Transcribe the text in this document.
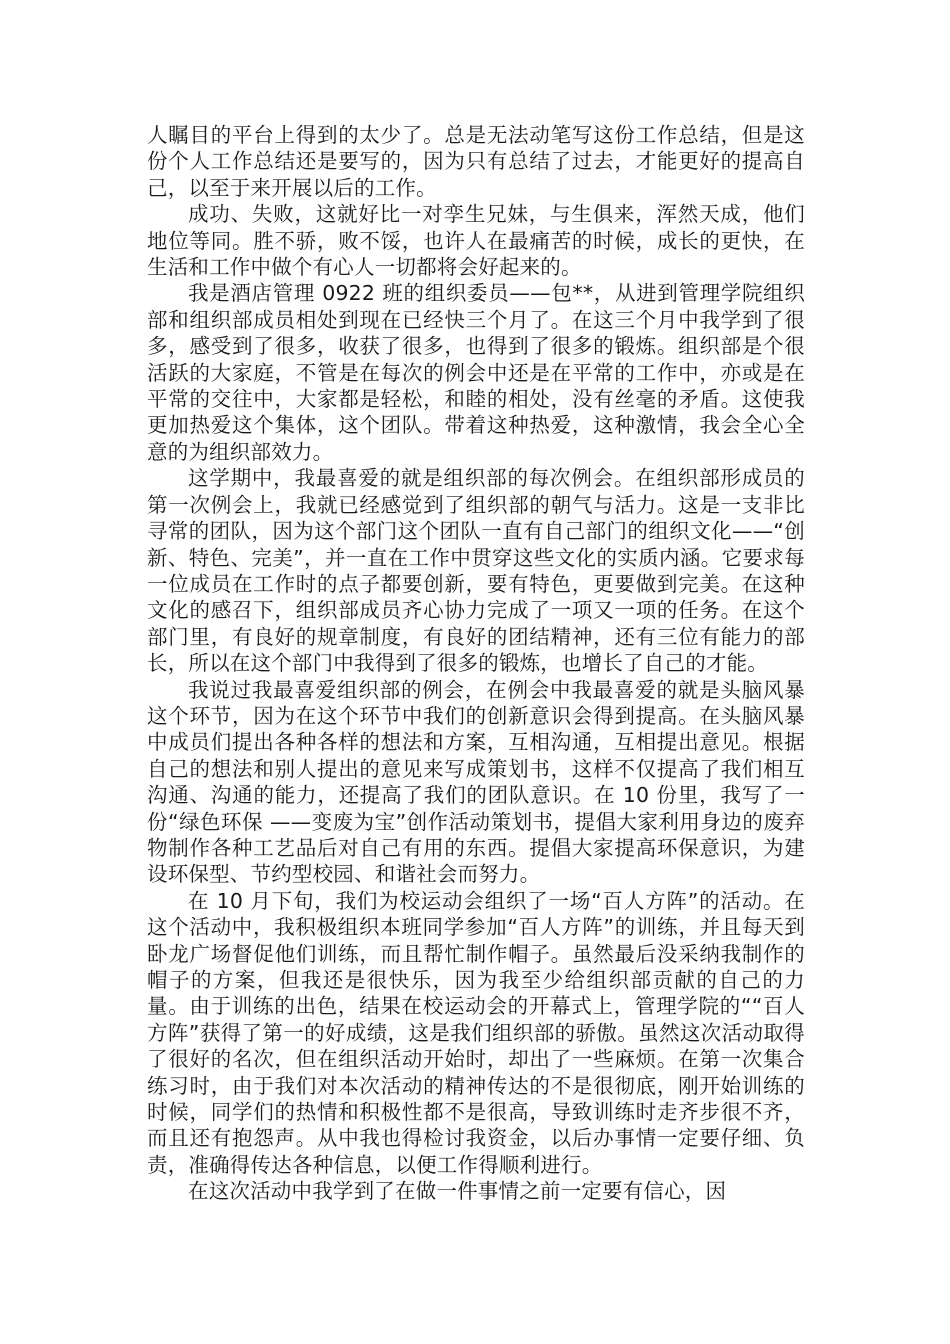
人瞩目的平台上得到的太少了。总是无法动笔写这份工作总结，但是这份个人工作总结还是要写的，因为只有总结了过去，才能更好的提高自己，以至于来开展以后的工作。

成功、失败，这就好比一对孪生兄妹，与生俱来，浑然天成，他们地位等同。胜不骄，败不馁，也许人在最痛苦的时候，成长的更快，在生活和工作中做个有心人一切都将会好起来的。

我是酒店管理 0922 班的组织委员——包**，从进到管理学院组织部和组织部成员相处到现在已经快三个月了。在这三个月中我学到了很多，感受到了很多，收获了很多，也得到了很多的锻炼。组织部是个很活跃的大家庭，不管是在每次的例会中还是在平常的工作中，亦或是在平常的交往中，大家都是轻松，和睦的相处，没有丝毫的矛盾。这使我更加热爱这个集体，这个团队。带着这种热爱，这种激情，我会全心全意的为组织部效力。

这学期中，我最喜爱的就是组织部的每次例会。在组织部形成员的第一次例会上，我就已经感觉到了组织部的朝气与活力。这是一支非比寻常的团队，因为这个部门这个团队一直有自己部门的组织文化——“创新、特色、完美”，并一直在工作中贯穿这些文化的实质内涵。它要求每一位成员在工作时的点子都要创新，要有特色，更要做到完美。在这种文化的感召下，组织部成员齐心协力完成了一项又一项的任务。在这个部门里，有良好的规章制度，有良好的团结精神，还有三位有能力的部长，所以在这个部门中我得到了很多的锻炼，也增长了自己的才能。

我说过我最喜爱组织部的例会，在例会中我最喜爱的就是头脑风暴这个环节，因为在这个环节中我们的创新意识会得到提高。在头脑风暴中成员们提出各种各样的想法和方案，互相沟通，互相提出意见。根据自己的想法和别人提出的意见来写成策划书，这样不仅提高了我们相互沟通、沟通的能力，还提高了我们的团队意识。在 10 份里，我写了一份“绿色环保 ——变废为宝”创作活动策划书，提倡大家利用身边的废弃物制作各种工艺品后对自己有用的东西。提倡大家提高环保意识，为建设环保型、节约型校园、和谐社会而努力。

在 10 月下旬，我们为校运动会组织了一场“百人方阵”的活动。在这个活动中，我积极组织本班同学参加“百人方阵”的训练，并且每天到卧龙广场督促他们训练，而且帮忙制作帽子。虽然最后没采纳我制作的帽子的方案，但我还是很快乐，因为我至少给组织部贡献的自己的力量。由于训练的出色，结果在校运动会的开幕式上，管理学院的““百人方阵”获得了第一的好成绩，这是我们组织部的骄傲。虽然这次活动取得了很好的名次，但在组织活动开始时，却出了一些麻烦。在第一次集合练习时，由于我们对本次活动的精神传达的不是很彻底，刚开始训练的时候，同学们的热情和积极性都不是很高，导致训练时走齐步很不齐，而且还有抱怨声。从中我也得检讨我资金，以后办事情一定要仔细、负责，准确得传达各种信息，以便工作得顺利进行。

在这次活动中我学到了在做一件事情之前一定要有信心，因
